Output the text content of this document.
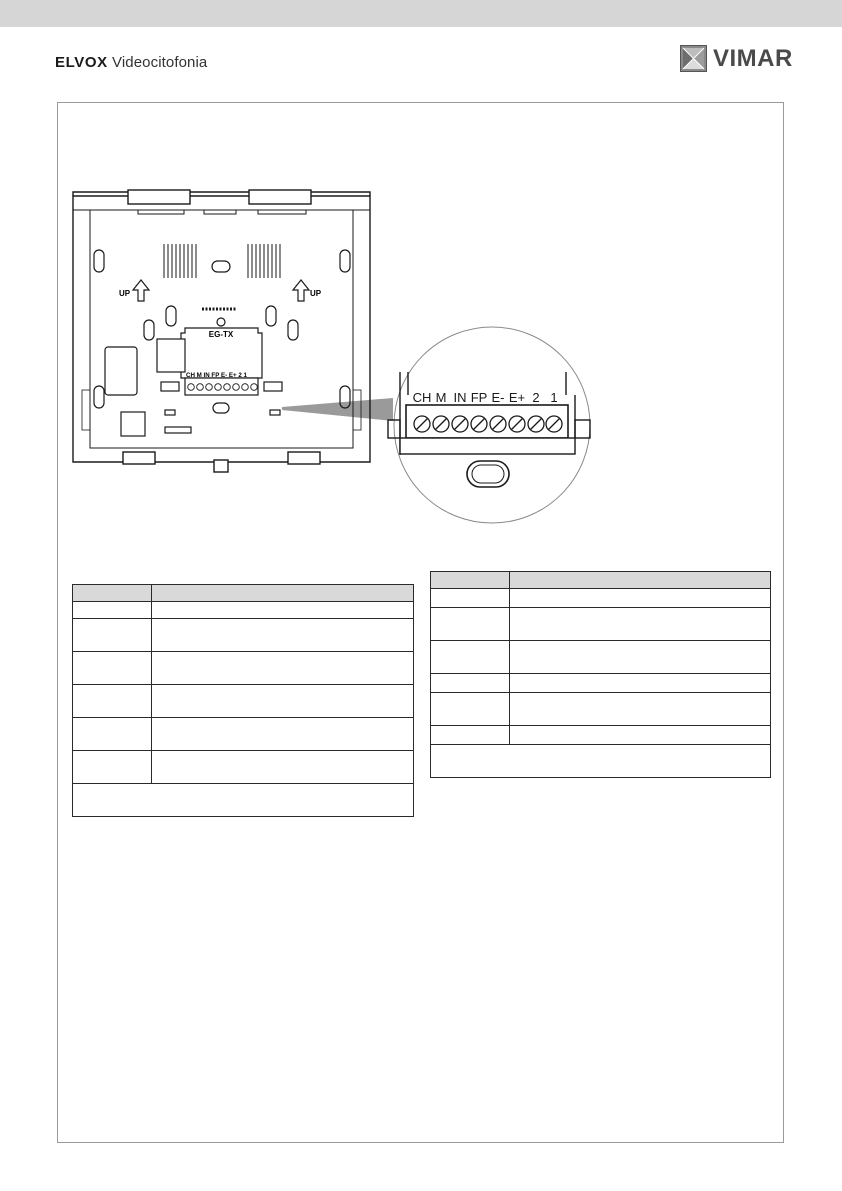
ELVOX Videocitofonia	VIMAR
UP	UP
EG-TX
CH M IN FP E- E+ 2 1
CH M IN FP E- E+ 2 1
